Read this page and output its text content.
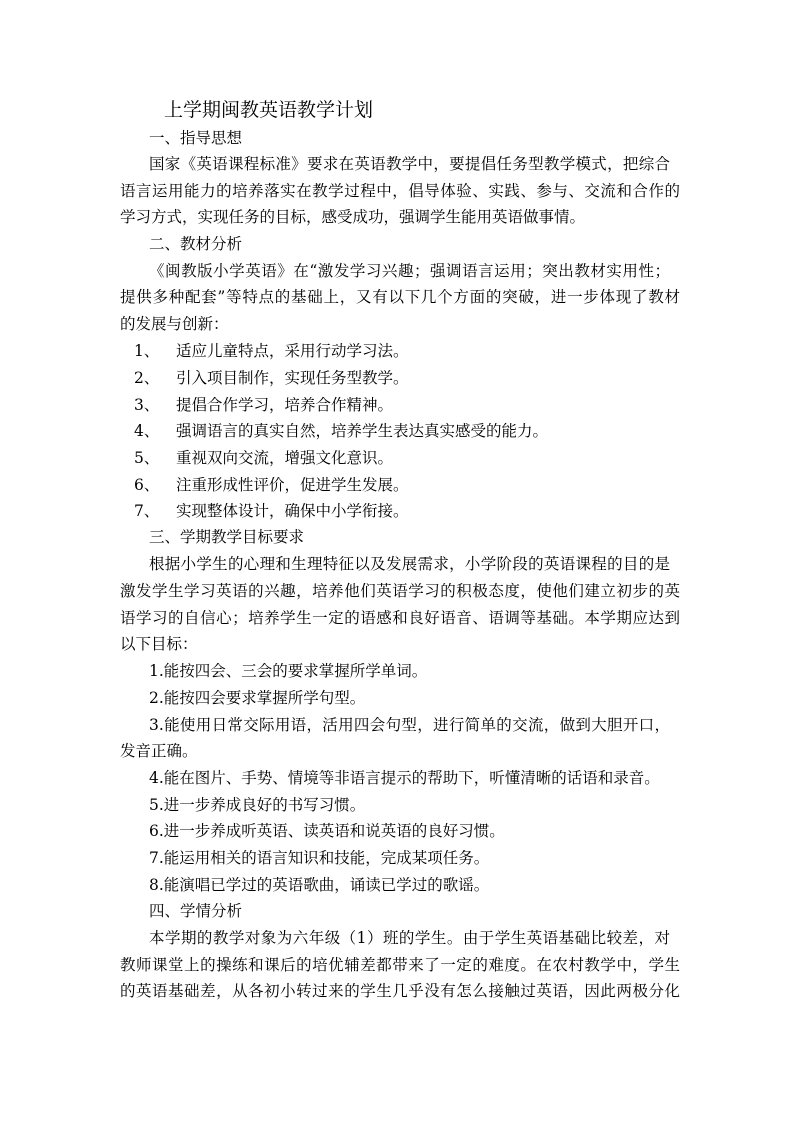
上学期闽教英语教学计划
一、指导思想
国家《英语课程标准》要求在英语教学中，要提倡任务型教学模式，把综合
语言运用能力的培养落实在教学过程中，倡导体验、实践、参与、交流和合作的
学习方式，实现任务的目标，感受成功，强调学生能用英语做事情。
二、教材分析
《闽教版小学英语》在“激发学习兴趣；强调语言运用；突出教材实用性；
提供多种配套”等特点的基础上，又有以下几个方面的突破，进一步体现了教材
的发展与创新：
1、 适应儿童特点，采用行动学习法。
2、 引入项目制作，实现任务型教学。
3、 提倡合作学习，培养合作精神。
4、 强调语言的真实自然，培养学生表达真实感受的能力。
5、 重视双向交流，增强文化意识。
6、 注重形成性评价，促进学生发展。
7、 实现整体设计，确保中小学衔接。
三、学期教学目标要求
根据小学生的心理和生理特征以及发展需求，小学阶段的英语课程的目的是
激发学生学习英语的兴趣，培养他们英语学习的积极态度，使他们建立初步的英
语学习的自信心；培养学生一定的语感和良好语音、语调等基础。本学期应达到
以下目标：
1.能按四会、三会的要求掌握所学单词。
2.能按四会要求掌握所学句型。
3.能使用日常交际用语，活用四会句型，进行简单的交流，做到大胆开口，
发音正确。
4.能在图片、手势、情境等非语言提示的帮助下，听懂清晰的话语和录音。
5.进一步养成良好的书写习惯。
6.进一步养成听英语、读英语和说英语的良好习惯。
7.能运用相关的语言知识和技能，完成某项任务。
8.能演唱已学过的英语歌曲，诵读已学过的歌谣。
四、学情分析
本学期的教学对象为六年级（1）班的学生。由于学生英语基础比较差，对
教师课堂上的操练和课后的培优辅差都带来了一定的难度。在农村教学中，学生
的英语基础差，从各初小转过来的学生几乎没有怎么接触过英语，因此两极分化
